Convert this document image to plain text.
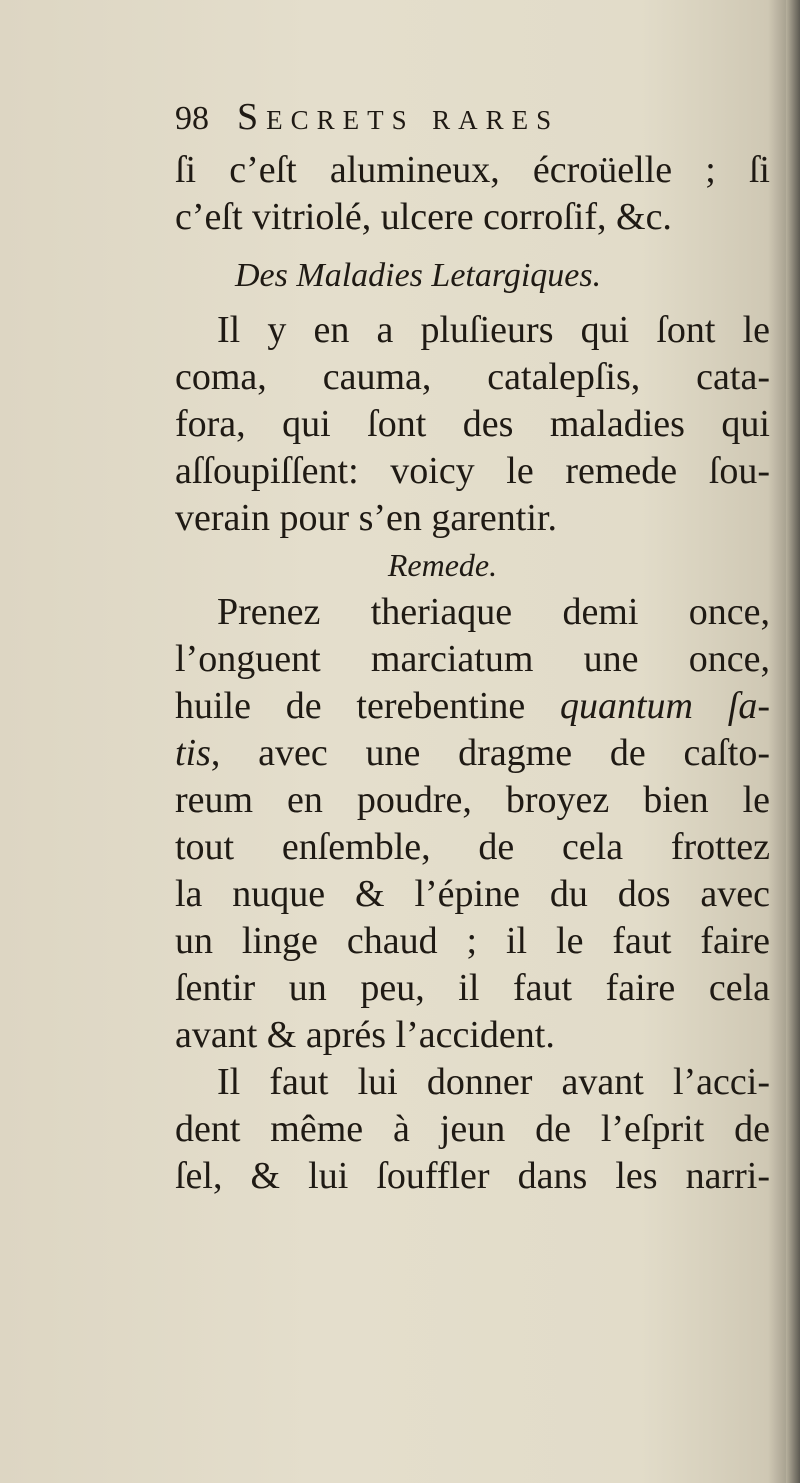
98 Secrets rares
ſi c’eſt alumineux, écroüelle ; ſi
c’eſt vitriolé, ulcere corroſif, &c.
Des Maladies Letargiques.
Il y en a pluſieurs qui ſont le
coma, cauma, catalepſis, cata-
fora, qui ſont des maladies qui
aſſoupiſſent: voicy le remede ſou-
verain pour s’en garentir.
Remede.
Prenez theriaque demi once,
l’onguent marciatum une once,
huile de terebentine quantum ſa-
tis, avec une dragme de caſto-
reum en poudre, broyez bien le
tout enſemble, de cela frottez
la nuque & l’épine du dos avec
un linge chaud ; il le faut faire
ſentir un peu, il faut faire cela
avant & aprés l’accident.
Il faut lui donner avant l’acci-
dent même à jeun de l’eſprit de
ſel, & lui ſouffler dans les narri-
